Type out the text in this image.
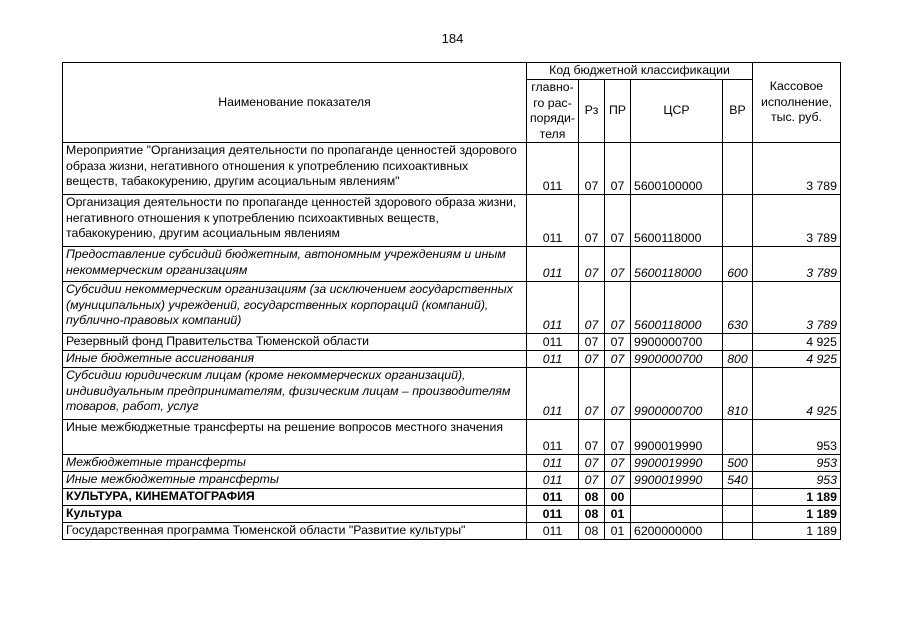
184
Наименование показателя	Код бюджетной классификации					Кассовое исполнение, тыс. руб.
	главно-го рас-поряди-теля	Рз	ПР	ЦСР	ВР	
Мероприятие "Организация деятельности по пропаганде ценностей здорового образа жизни, негативного отношения к употреблению психоактивных веществ, табакокурению, другим асоциальным явлениям"	011	07	07	5600100000		3 789
Организация деятельности по пропаганде ценностей здорового образа жизни, негативного отношения к употреблению психоактивных веществ, табакокурению, другим асоциальным явлениям	011	07	07	5600118000		3 789
Предоставление субсидий бюджетным, автономным учреждениям и иным некоммерческим организациям	011	07	07	5600118000	600	3 789
Субсидии некоммерческим организациям (за исключением государственных (муниципальных) учреждений, государственных корпораций (компаний), публично-правовых компаний)	011	07	07	5600118000	630	3 789
Резервный фонд Правительства Тюменской области	011	07	07	9900000700		4 925
Иные бюджетные ассигнования	011	07	07	9900000700	800	4 925
Субсидии юридическим лицам (кроме некоммерческих организаций), индивидуальным предпринимателям, физическим лицам – производителям товаров, работ, услуг	011	07	07	9900000700	810	4 925
Иные межбюджетные трансферты на решение вопросов местного значения	011	07	07	9900019990		953
Межбюджетные трансферты	011	07	07	9900019990	500	953
Иные межбюджетные трансферты	011	07	07	9900019990	540	953
КУЛЬТУРА, КИНЕМАТОГРАФИЯ	011	08	00			1 189
Культура	011	08	01			1 189
Государственная программа Тюменской области "Развитие культуры"	011	08	01	6200000000		1 189
